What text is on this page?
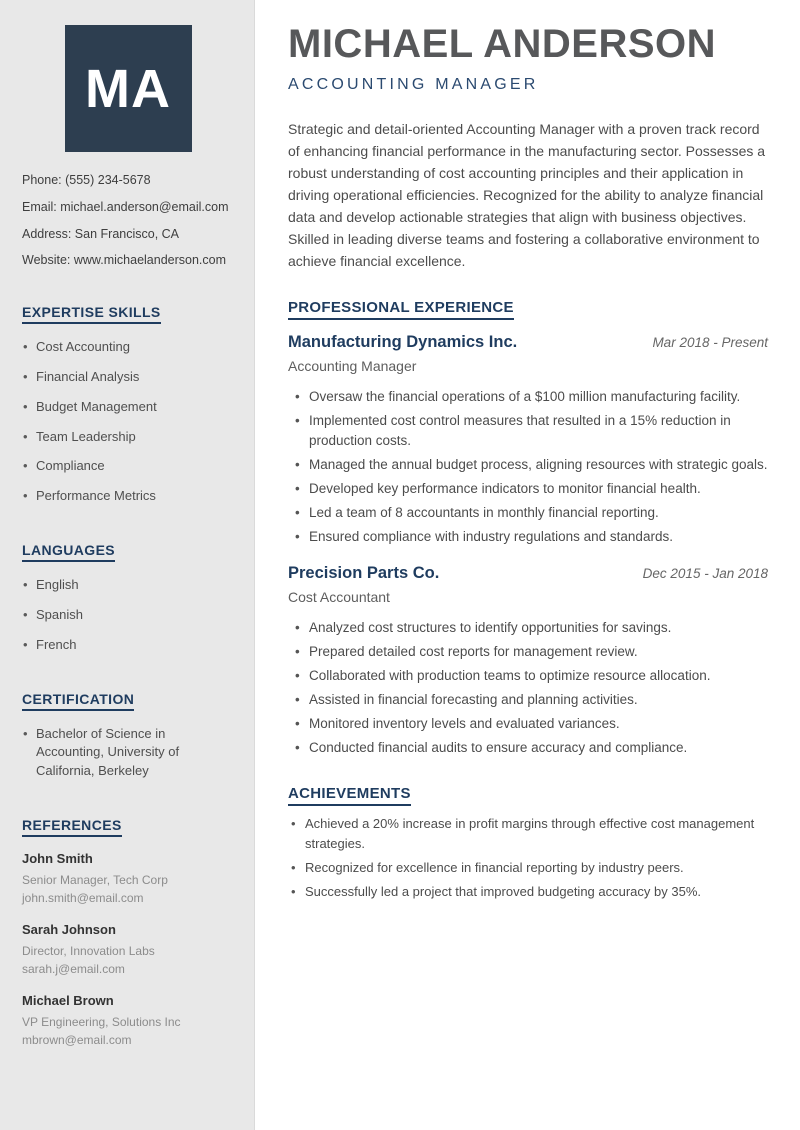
MA
Phone: (555) 234-5678
Email: michael.anderson@email.com
Address: San Francisco, CA
Website: www.michaelanderson.com
EXPERTISE SKILLS
• Cost Accounting
• Financial Analysis
• Budget Management
• Team Leadership
• Compliance
• Performance Metrics
LANGUAGES
• English
• Spanish
• French
CERTIFICATION
• Bachelor of Science in Accounting, University of California, Berkeley
REFERENCES
John Smith
Senior Manager, Tech Corp
john.smith@email.com
Sarah Johnson
Director, Innovation Labs
sarah.j@email.com
Michael Brown
VP Engineering, Solutions Inc
mbrown@email.com
MICHAEL ANDERSON
ACCOUNTING MANAGER

Strategic and detail-oriented Accounting Manager with a proven track record of enhancing financial performance in the manufacturing sector. Possesses a robust understanding of cost accounting principles and their application in driving operational efficiencies. Recognized for the ability to analyze financial data and develop actionable strategies that align with business objectives. Skilled in leading diverse teams and fostering a collaborative environment to achieve financial excellence.

PROFESSIONAL EXPERIENCE
Manufacturing Dynamics Inc.	Mar 2018 - Present
Accounting Manager
• Oversaw the financial operations of a $100 million manufacturing facility.
• Implemented cost control measures that resulted in a 15% reduction in production costs.
• Managed the annual budget process, aligning resources with strategic goals.
• Developed key performance indicators to monitor financial health.
• Led a team of 8 accountants in monthly financial reporting.
• Ensured compliance with industry regulations and standards.
Precision Parts Co.	Dec 2015 - Jan 2018
Cost Accountant
• Analyzed cost structures to identify opportunities for savings.
• Prepared detailed cost reports for management review.
• Collaborated with production teams to optimize resource allocation.
• Assisted in financial forecasting and planning activities.
• Monitored inventory levels and evaluated variances.
• Conducted financial audits to ensure accuracy and compliance.
ACHIEVEMENTS
• Achieved a 20% increase in profit margins through effective cost management strategies.
• Recognized for excellence in financial reporting by industry peers.
• Successfully led a project that improved budgeting accuracy by 35%.
